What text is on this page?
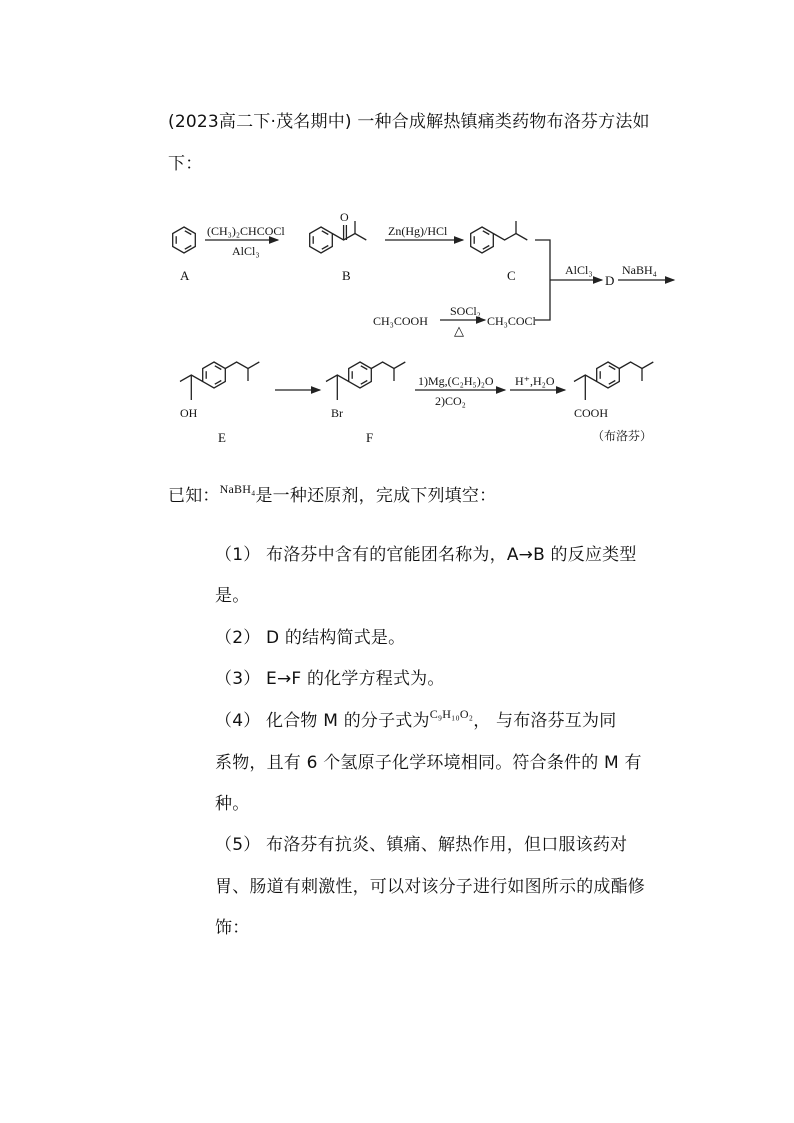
(2023高二下·茂名期中) 一种合成解热镇痛类药物布洛芬方法如
下：
A
(CH₃)₂CHCOCl
AlCl₃
O
B
Zn(Hg)/HCl
C	AlCl₃
D
NaBH₄
CH₃COOH
SOCl₂
△
CH₃COCl
OH
E
Br
F
1)Mg,(C₂H₅)₂O
2)CO₂
H⁺,H₂O
COOH
（布洛芬）
已知：$^{NaBH_4}$是一种还原剂，完成下列填空：
（1） 布洛芬中含有的官能团名称为，A→B 的反应类型
是。
（2） D 的结构简式是。
（3） E→F 的化学方程式为。
（4） 化合物 M 的分子式为$^{C_9H_{10}O_2}$， 与布洛芬互为同
系物，且有 6 个氢原子化学环境相同。符合条件的 M 有
种。
（5） 布洛芬有抗炎、镇痛、解热作用，但口服该药对
胃、肠道有刺激性，可以对该分子进行如图所示的成酯修
饰：
